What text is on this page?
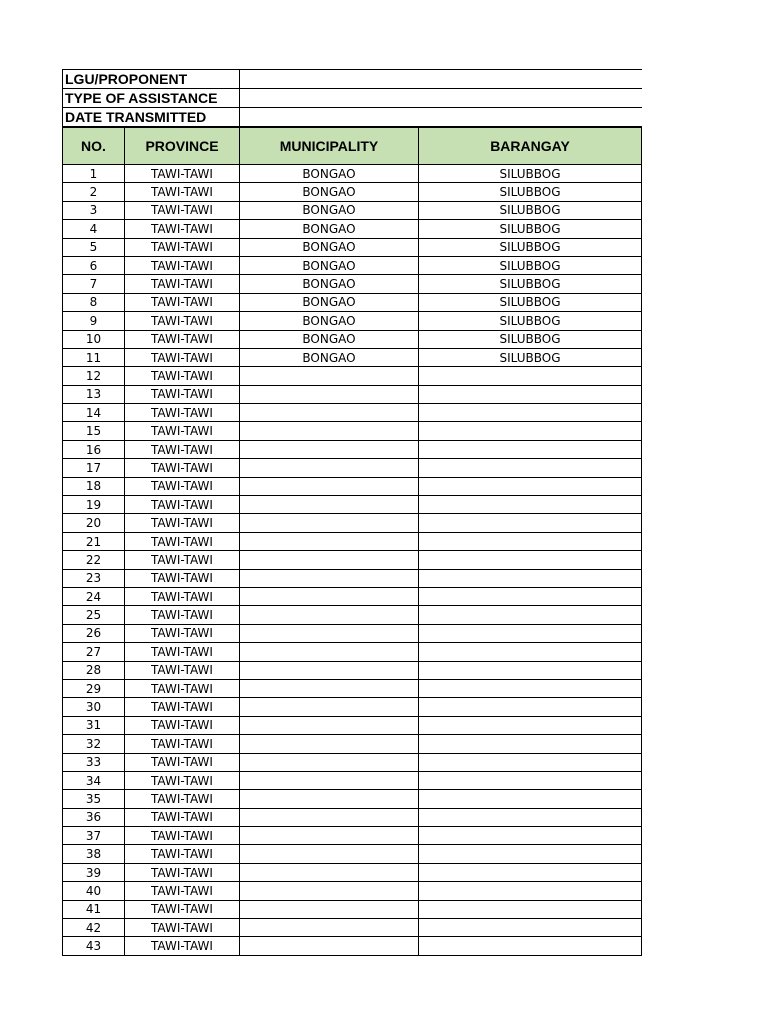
LGU/PROPONENT	
TYPE OF ASSISTANCE	
DATE TRANSMITTED	
NO.	PROVINCE	MUNICIPALITY	BARANGAY
1	TAWI-TAWI	BONGAO	SILUBBOG
2	TAWI-TAWI	BONGAO	SILUBBOG
3	TAWI-TAWI	BONGAO	SILUBBOG
4	TAWI-TAWI	BONGAO	SILUBBOG
5	TAWI-TAWI	BONGAO	SILUBBOG
6	TAWI-TAWI	BONGAO	SILUBBOG
7	TAWI-TAWI	BONGAO	SILUBBOG
8	TAWI-TAWI	BONGAO	SILUBBOG
9	TAWI-TAWI	BONGAO	SILUBBOG
10	TAWI-TAWI	BONGAO	SILUBBOG
11	TAWI-TAWI	BONGAO	SILUBBOG
12	TAWI-TAWI		
13	TAWI-TAWI		
14	TAWI-TAWI		
15	TAWI-TAWI		
16	TAWI-TAWI		
17	TAWI-TAWI		
18	TAWI-TAWI		
19	TAWI-TAWI		
20	TAWI-TAWI		
21	TAWI-TAWI		
22	TAWI-TAWI		
23	TAWI-TAWI		
24	TAWI-TAWI		
25	TAWI-TAWI		
26	TAWI-TAWI		
27	TAWI-TAWI		
28	TAWI-TAWI		
29	TAWI-TAWI		
30	TAWI-TAWI		
31	TAWI-TAWI		
32	TAWI-TAWI		
33	TAWI-TAWI		
34	TAWI-TAWI		
35	TAWI-TAWI		
36	TAWI-TAWI		
37	TAWI-TAWI		
38	TAWI-TAWI		
39	TAWI-TAWI		
40	TAWI-TAWI		
41	TAWI-TAWI		
42	TAWI-TAWI		
43	TAWI-TAWI		
